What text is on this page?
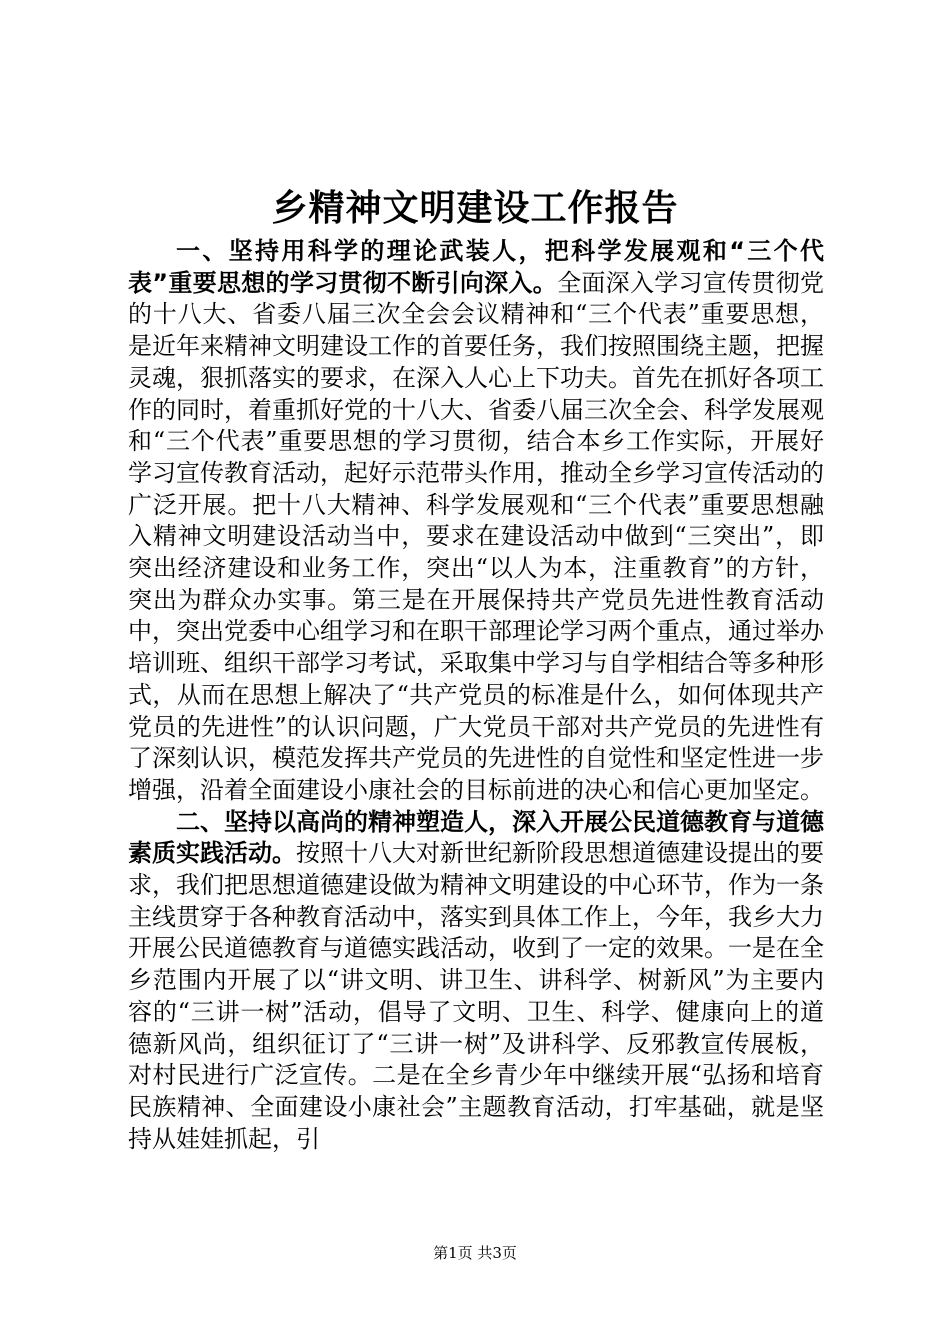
乡精神文明建设工作报告

一、坚持用科学的理论武装人，把科学发展观和“三个代表”重要思想的学习贯彻不断引向深入。全面深入学习宣传贯彻党的十八大、省委八届三次全会会议精神和“三个代表”重要思想，是近年来精神文明建设工作的首要任务，我们按照围绕主题，把握灵魂，狠抓落实的要求，在深入人心上下功夫。首先在抓好各项工作的同时，着重抓好党的十八大、省委八届三次全会、科学发展观和“三个代表”重要思想的学习贯彻，结合本乡工作实际，开展好学习宣传教育活动，起好示范带头作用，推动全乡学习宣传活动的广泛开展。把十八大精神、科学发展观和“三个代表”重要思想融入精神文明建设活动当中，要求在建设活动中做到“三突出”，即突出经济建设和业务工作，突出“以人为本，注重教育”的方针，突出为群众办实事。第三是在开展保持共产党员先进性教育活动中，突出党委中心组学习和在职干部理论学习两个重点，通过举办培训班、组织干部学习考试，采取集中学习与自学相结合等多种形式，从而在思想上解决了“共产党员的标准是什么，如何体现共产党员的先进性”的认识问题，广大党员干部对共产党员的先进性有了深刻认识，模范发挥共产党员的先进性的自觉性和坚定性进一步增强，沿着全面建设小康社会的目标前进的决心和信心更加坚定。

二、坚持以高尚的精神塑造人，深入开展公民道德教育与道德素质实践活动。按照十八大对新世纪新阶段思想道德建设提出的要求，我们把思想道德建设做为精神文明建设的中心环节，作为一条主线贯穿于各种教育活动中，落实到具体工作上，今年，我乡大力开展公民道德教育与道德实践活动，收到了一定的效果。一是在全乡范围内开展了以“讲文明、讲卫生、讲科学、树新风”为主要内容的“三讲一树”活动，倡导了文明、卫生、科学、健康向上的道德新风尚，组织征订了“三讲一树”及讲科学、反邪教宣传展板，对村民进行广泛宣传。二是在全乡青少年中继续开展“弘扬和培育民族精神、全面建设小康社会”主题教育活动，打牢基础，就是坚持从娃娃抓起，引

第1页 共3页
